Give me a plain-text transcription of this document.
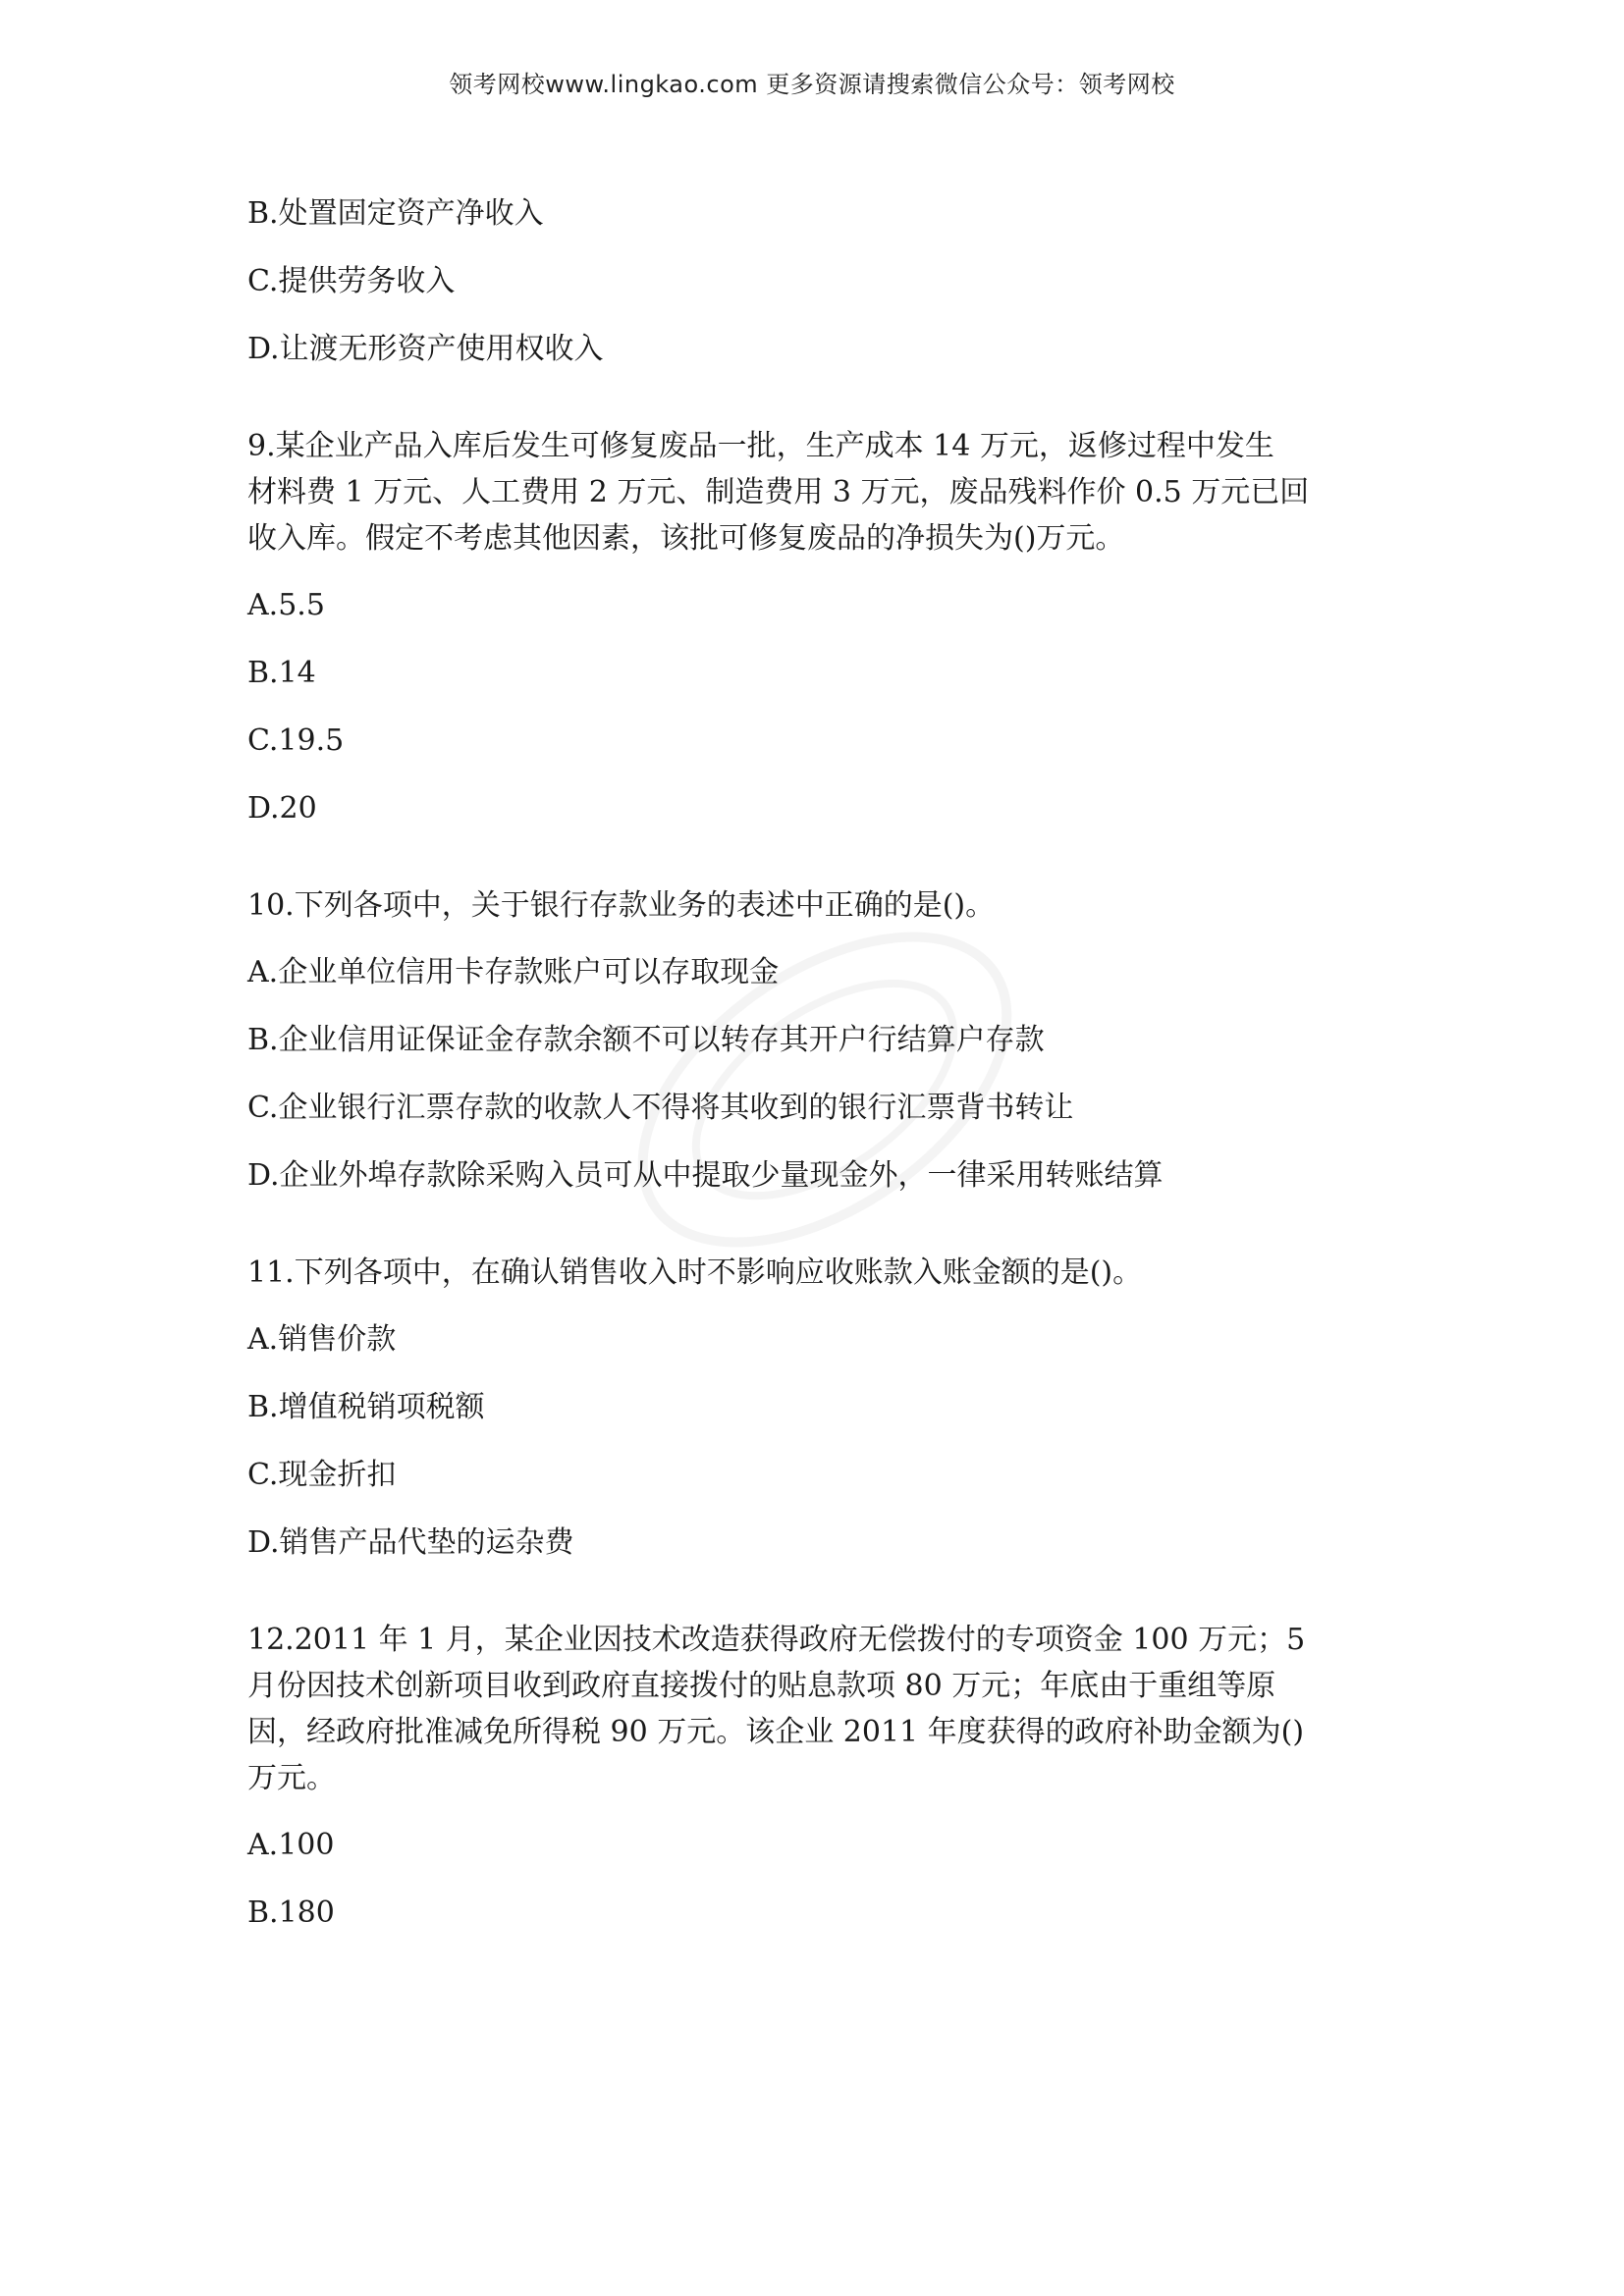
领考网校www.lingkao.com 更多资源请搜索微信公众号：领考网校

B.处置固定资产净收入

C.提供劳务收入

D.让渡无形资产使用权收入

9.某企业产品入库后发生可修复废品一批，生产成本 14 万元，返修过程中发生
材料费 1 万元、人工费用 2 万元、制造费用 3 万元，废品残料作价 0.5 万元已回
收入库。假定不考虑其他因素，该批可修复废品的净损失为()万元。

A.5.5

B.14

C.19.5

D.20

10.下列各项中，关于银行存款业务的表述中正确的是()。

A.企业单位信用卡存款账户可以存取现金

B.企业信用证保证金存款余额不可以转存其开户行结算户存款

C.企业银行汇票存款的收款人不得将其收到的银行汇票背书转让

D.企业外埠存款除采购入员可从中提取少量现金外，一律采用转账结算

11.下列各项中，在确认销售收入时不影响应收账款入账金额的是()。

A.销售价款

B.增值税销项税额

C.现金折扣

D.销售产品代垫的运杂费

12.2011 年 1 月，某企业因技术改造获得政府无偿拨付的专项资金 100 万元；5
月份因技术创新项目收到政府直接拨付的贴息款项 80 万元；年底由于重组等原
因，经政府批准减免所得税 90 万元。该企业 2011 年度获得的政府补助金额为()
万元。

A.100

B.180
